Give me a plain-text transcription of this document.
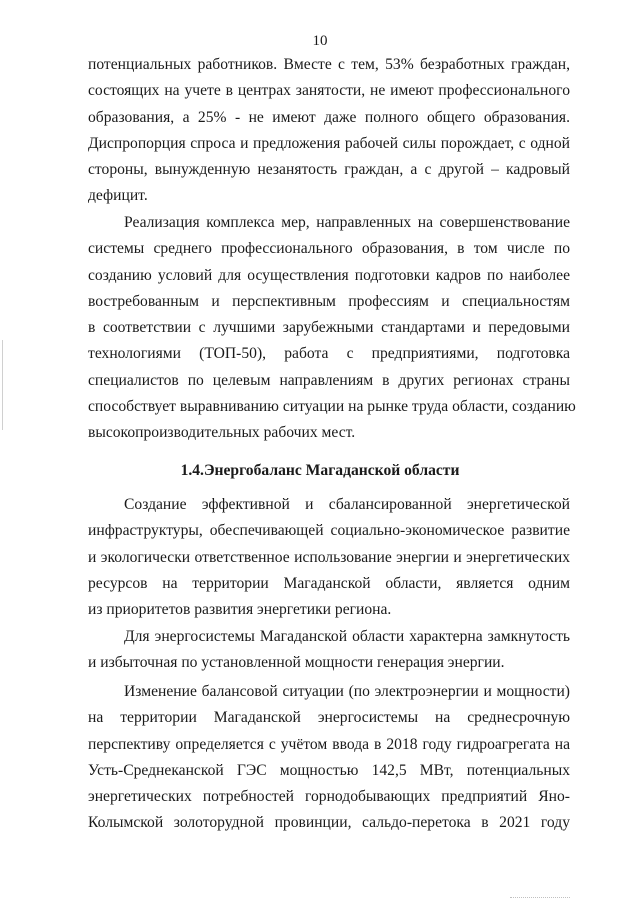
10
потенциальных работников. Вместе с тем, 53% безработных граждан,
состоящих на учете в центрах занятости, не имеют профессионального
образования, а 25% - не имеют даже полного общего образования.
Диспропорция спроса и предложения рабочей силы порождает, с одной
стороны, вынужденную незанятость граждан, а с другой – кадровый
дефицит.
Реализация комплекса мер, направленных на совершенствование
системы среднего профессионального образования, в том числе по
созданию условий для осуществления подготовки кадров по наиболее
востребованным и перспективным профессиям и специальностям
в соответствии с лучшими зарубежными стандартами и передовыми
технологиями (ТОП-50), работа с предприятиями, подготовка
специалистов по целевым направлениям в других регионах страны
способствует выравниванию ситуации на рынке труда области, созданию
высокопроизводительных рабочих мест.
1.4.Энергобаланс Магаданской области
Создание эффективной и сбалансированной энергетической
инфраструктуры, обеспечивающей социально-экономическое развитие
и экологически ответственное использование энергии и энергетических
ресурсов на территории Магаданской области, является одним
из приоритетов развития энергетики региона.
Для энергосистемы Магаданской области характерна замкнутость
и избыточная по установленной мощности генерация энергии.
Изменение балансовой ситуации (по электроэнергии и мощности)
на территории Магаданской энергосистемы на среднесрочную
перспективу определяется с учётом ввода в 2018 году гидроагрегата на
Усть-Среднеканской ГЭС мощностью 142,5 МВт, потенциальных
энергетических потребностей горнодобывающих предприятий Яно-
Колымской золоторудной провинции, сальдо-перетока в 2021 году
